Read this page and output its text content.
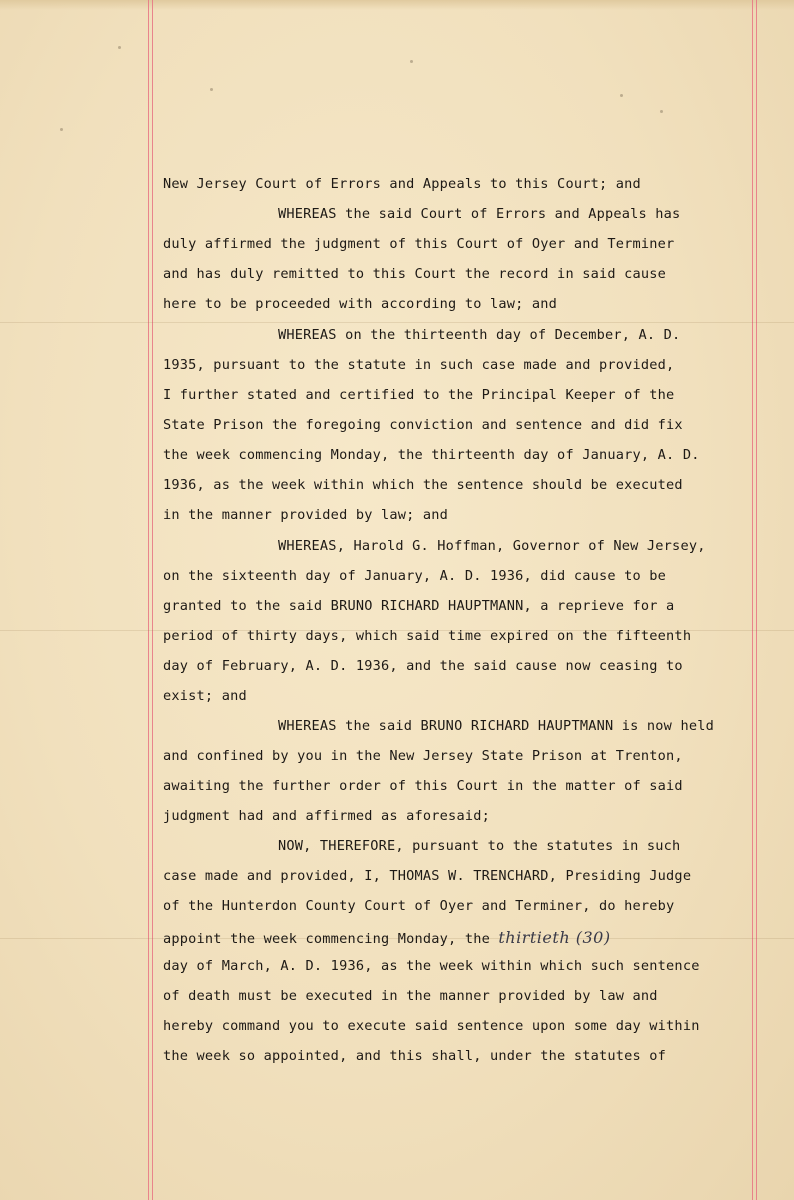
New Jersey Court of Errors and Appeals to this Court; and
WHEREAS the said Court of Errors and Appeals has
duly affirmed the judgment of this Court of Oyer and Terminer
and has duly remitted to this Court the record in said cause
here to be proceeded with according to law; and
WHEREAS on the thirteenth day of December, A. D.
1935, pursuant to the statute in such case made and provided,
I further stated and certified to the Principal Keeper of the
State Prison the foregoing conviction and sentence and did fix
the week commencing Monday, the thirteenth day of January, A. D.
1936, as the week within which the sentence should be executed
in the manner provided by law; and
WHEREAS, Harold G. Hoffman, Governor of New Jersey,
on the sixteenth day of January, A. D. 1936, did cause to be
granted to the said BRUNO RICHARD HAUPTMANN, a reprieve for a
period of thirty days, which said time expired on the fifteenth
day of February, A. D. 1936, and the said cause now ceasing to
exist; and
WHEREAS the said BRUNO RICHARD HAUPTMANN is now held
and confined by you in the New Jersey State Prison at Trenton,
awaiting the further order of this Court in the matter of said
judgment had and affirmed as aforesaid;
NOW, THEREFORE, pursuant to the statutes in such
case made and provided, I, THOMAS W. TRENCHARD, Presiding Judge
of the Hunterdon County Court of Oyer and Terminer, do hereby
appoint the week commencing Monday, the thirtieth (30)
day of March, A. D. 1936, as the week within which such sentence
of death must be executed in the manner provided by law and
hereby command you to execute said sentence upon some day within
the week so appointed, and this shall, under the statutes of
